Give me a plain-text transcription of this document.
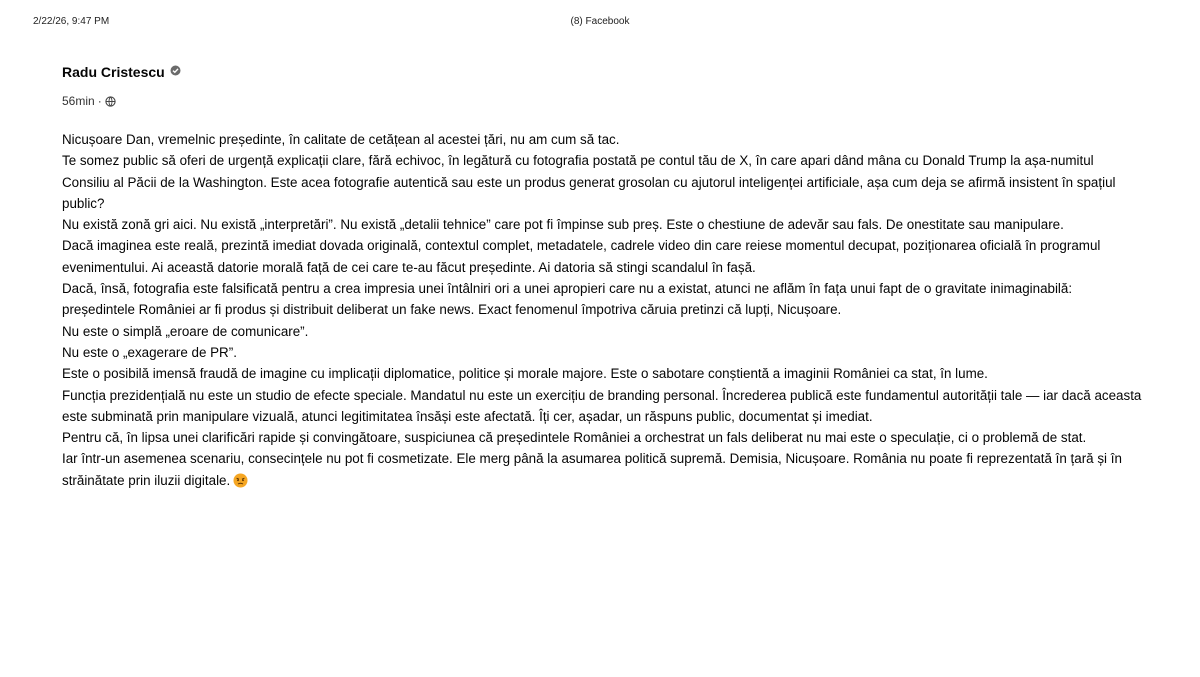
2/22/26, 9:47 PM	(8) Facebook
Radu Cristescu
56min ·

Nicușoare Dan, vremelnic președinte, în calitate de cetățean al acestei țări, nu am cum să tac.

Te somez public să oferi de urgență explicații clare, fără echivoc, în legătură cu fotografia postată pe contul tău de X, în care apari dând mâna cu Donald Trump la așa-numitul Consiliu al Păcii de la Washington. Este acea fotografie autentică sau este un produs generat grosolan cu ajutorul inteligenței artificiale, așa cum deja se afirmă insistent în spațiul public?

Nu există zonă gri aici. Nu există „interpretări”. Nu există „detalii tehnice” care pot fi împinse sub preș. Este o chestiune de adevăr sau fals. De onestitate sau manipulare.

Dacă imaginea este reală, prezintă imediat dovada originală, contextul complet, metadatele, cadrele video din care reiese momentul decupat, poziționarea oficială în programul evenimentului. Ai această datorie morală față de cei care te-au făcut președinte. Ai datoria să stingi scandalul în fașă.

Dacă, însă, fotografia este falsificată pentru a crea impresia unei întâlniri ori a unei apropieri care nu a existat, atunci ne aflăm în fața unui fapt de o gravitate inimaginabilă: președintele României ar fi produs și distribuit deliberat un fake news. Exact fenomenul împotriva căruia pretinzi că lupți, Nicușoare.

Nu este o simplă „eroare de comunicare”.

Nu este o „exagerare de PR”.

Este o posibilă imensă fraudă de imagine cu implicații diplomatice, politice și morale majore. Este o sabotare conștientă a imaginii României ca stat, în lume.

Funcția prezidențială nu este un studio de efecte speciale. Mandatul nu este un exercițiu de branding personal. Încrederea publică este fundamentul autorității tale — iar dacă aceasta este subminată prin manipulare vizuală, atunci legitimitatea însăși este afectată. Îți cer, așadar, un răspuns public, documentat și imediat.

Pentru că, în lipsa unei clarificări rapide și convingătoare, suspiciunea că președintele României a orchestrat un fals deliberat nu mai este o speculație, ci o problemă de stat.

Iar într-un asemenea scenariu, consecințele nu pot fi cosmetizate. Ele merg până la asumarea politică supremă. Demisia, Nicușoare. România nu poate fi reprezentată în țară și în străinătate prin iluzii digitale.
